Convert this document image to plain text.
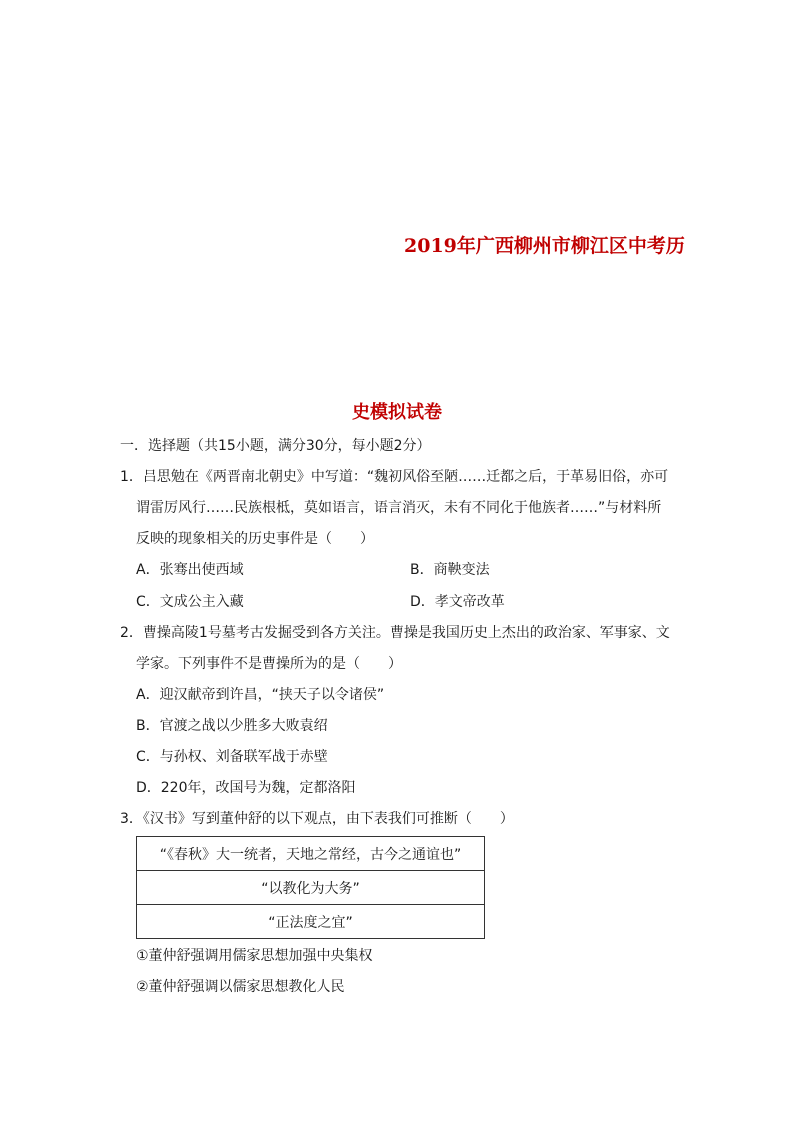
2019年广西柳州市柳江区中考历
史模拟试卷
一．选择题（共15小题，满分30分，每小题2分）
1．吕思勉在《两晋南北朝史》中写道：“魏初风俗至陋……迁都之后，于革易旧俗，亦可
谓雷厉风行……民族根柢，莫如语言，语言消灭，未有不同化于他族者……”与材料所
反映的现象相关的历史事件是（　　）
A．张骞出使西域	B．商鞅变法
C．文成公主入藏	D．孝文帝改革
2．曹操高陵1号墓考古发掘受到各方关注。曹操是我国历史上杰出的政治家、军事家、文
学家。下列事件不是曹操所为的是（　　）
A．迎汉献帝到许昌，“挟天子以令诸侯”
B．官渡之战以少胜多大败袁绍
C．与孙权、刘备联军战于赤壁
D．220年，改国号为魏，定都洛阳
3．《汉书》写到董仲舒的以下观点，由下表我们可推断（　　）
“《春秋》大一统者，天地之常经，古今之通谊也”
“以教化为大务”
“正法度之宜”
①董仲舒强调用儒家思想加强中央集权
②董仲舒强调以儒家思想教化人民
